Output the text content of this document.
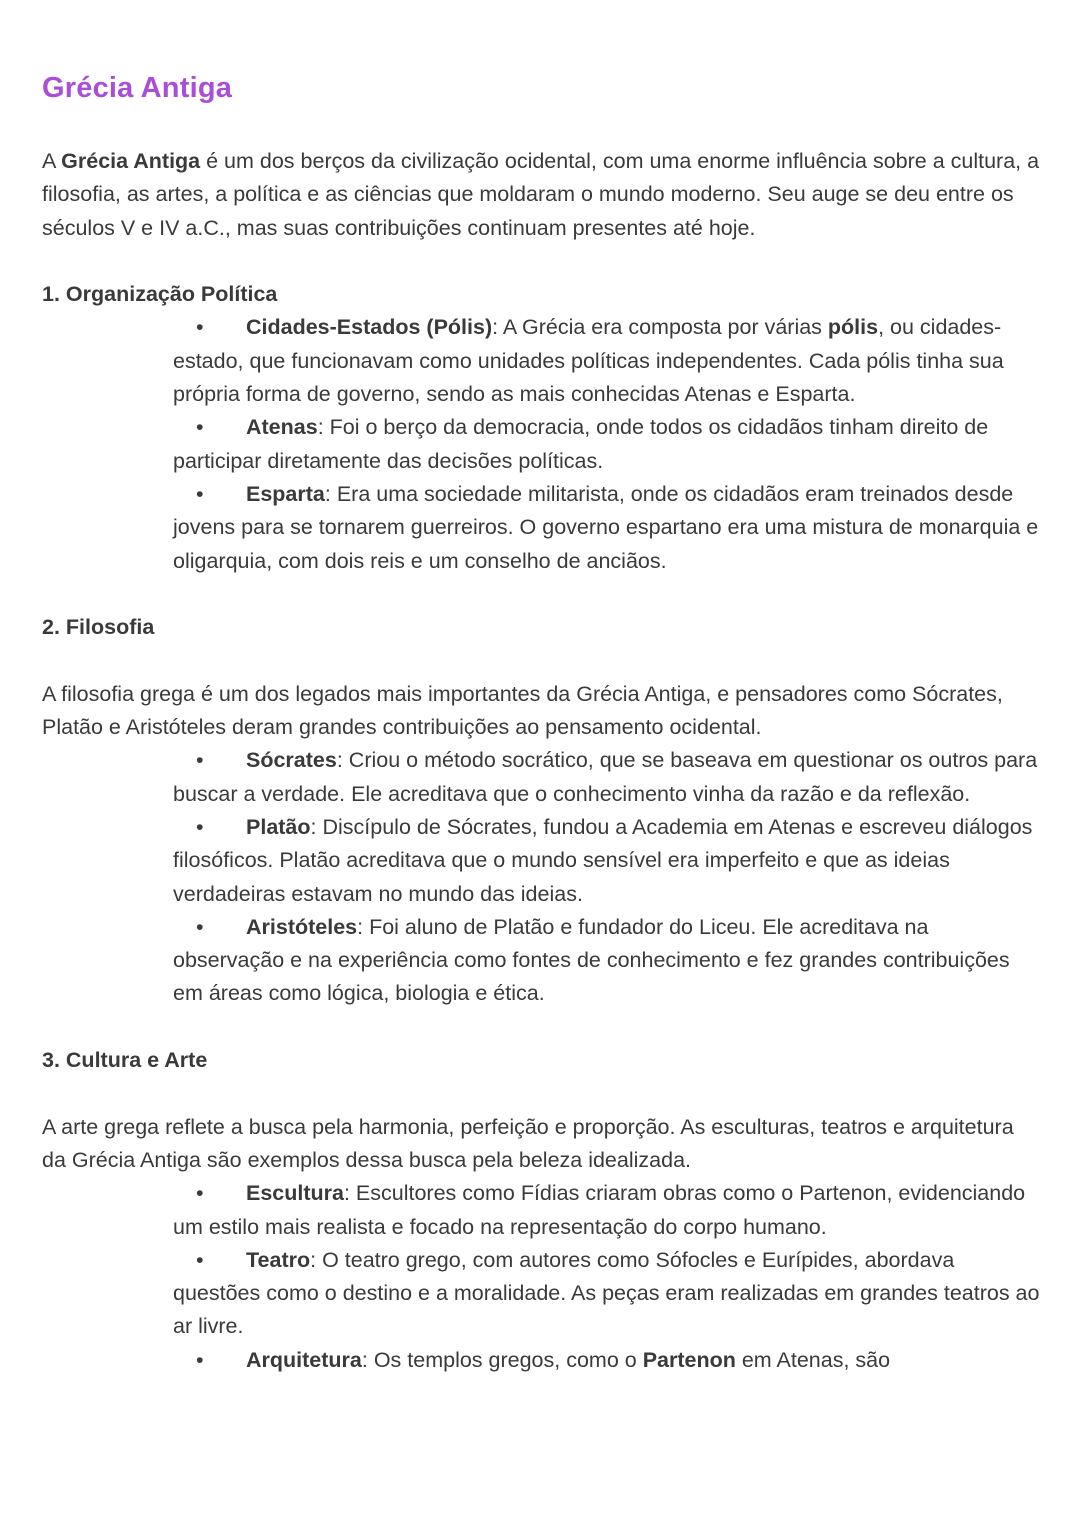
Grécia Antiga

A Grécia Antiga é um dos berços da civilização ocidental, com uma enorme influência sobre a cultura, a filosofia, as artes, a política e as ciências que moldaram o mundo moderno. Seu auge se deu entre os séculos V e IV a.C., mas suas contribuições continuam presentes até hoje.

1. Organização Política

• Cidades-Estados (Pólis): A Grécia era composta por várias pólis, ou cidades-estado, que funcionavam como unidades políticas independentes. Cada pólis tinha sua própria forma de governo, sendo as mais conhecidas Atenas e Esparta.
• Atenas: Foi o berço da democracia, onde todos os cidadãos tinham direito de participar diretamente das decisões políticas.
• Esparta: Era uma sociedade militarista, onde os cidadãos eram treinados desde jovens para se tornarem guerreiros. O governo espartano era uma mistura de monarquia e oligarquia, com dois reis e um conselho de anciãos.

2. Filosofia

A filosofia grega é um dos legados mais importantes da Grécia Antiga, e pensadores como Sócrates, Platão e Aristóteles deram grandes contribuições ao pensamento ocidental.

• Sócrates: Criou o método socrático, que se baseava em questionar os outros para buscar a verdade. Ele acreditava que o conhecimento vinha da razão e da reflexão.
• Platão: Discípulo de Sócrates, fundou a Academia em Atenas e escreveu diálogos filosóficos. Platão acreditava que o mundo sensível era imperfeito e que as ideias verdadeiras estavam no mundo das ideias.
• Aristóteles: Foi aluno de Platão e fundador do Liceu. Ele acreditava na observação e na experiência como fontes de conhecimento e fez grandes contribuições em áreas como lógica, biologia e ética.

3. Cultura e Arte

A arte grega reflete a busca pela harmonia, perfeição e proporção. As esculturas, teatros e arquitetura da Grécia Antiga são exemplos dessa busca pela beleza idealizada.

• Escultura: Escultores como Fídias criaram obras como o Partenon, evidenciando um estilo mais realista e focado na representação do corpo humano.
• Teatro: O teatro grego, com autores como Sófocles e Eurípides, abordava questões como o destino e a moralidade. As peças eram realizadas em grandes teatros ao ar livre.
• Arquitetura: Os templos gregos, como o Partenon em Atenas, são
